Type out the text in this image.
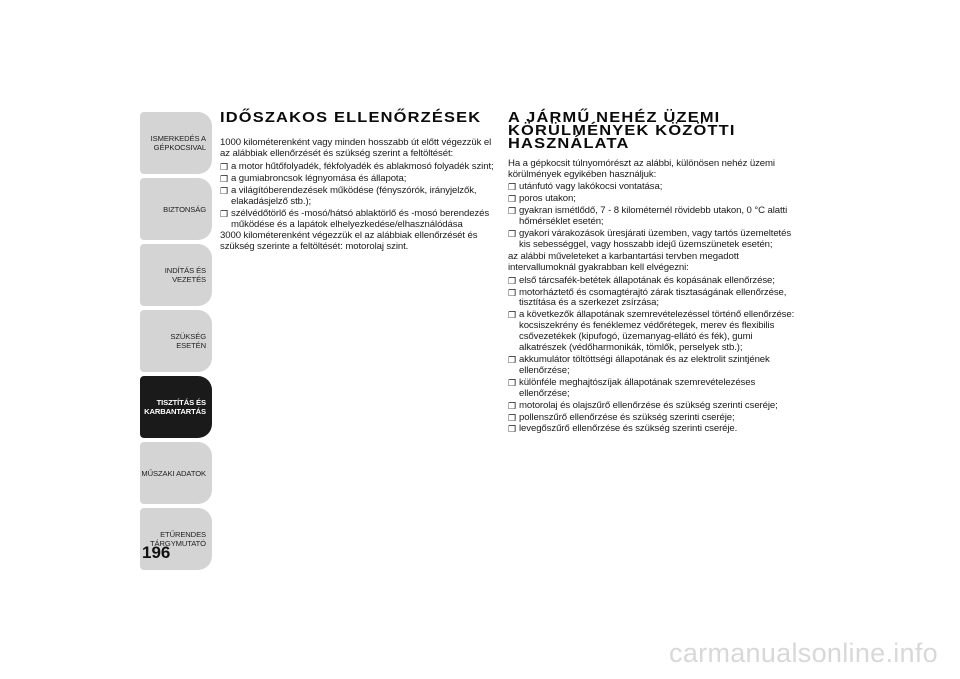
ISMERKEDÉS A
GÉPKOCSIVAL
BIZTONSÁG
INDÍTÁS ÉS VEZETÉS
SZÜKSÉG ESETÉN
TISZTÍTÁS ÉS
KARBANTARTÁS
MŰSZAKI ADATOK
ETŰRENDES
TÁRGYMUTATÓ
196
IDŐSZAKOS ELLENŐRZÉSEK
1000 kilométerenként vagy minden hosszabb út előtt végezzük el az alábbiak ellenőrzését és szükség szerint a feltöltését:
❒ a motor hűtőfolyadék, fékfolyadék és ablakmosó folyadék szint;
❒ a gumiabroncsok légnyomása és állapota;
❒ a világítóberendezések működése (fényszórók, irányjelzők, elakadásjelző stb.);
❒ szélvédőtörlő és -mosó/hátsó ablaktörlő és -mosó berendezés működése és a lapátok elhelyezkedése/elhasználódása
3000 kilométerenként végezzük el az alábbiak ellenőrzését és szükség szerinte a feltöltését: motorolaj szint.
A JÁRMŰ NEHÉZ ÜZEMI KÖRÜLMÉNYEK KÖZÖTTI HASZNÁLATA
Ha a gépkocsit túlnyomórészt az alábbi, különösen nehéz üzemi körülmények egyikében használjuk:
❒ utánfutó vagy lakókocsi vontatása;
❒ poros utakon;
❒ gyakran ismétlődő, 7 - 8 kilométernél rövidebb utakon, 0 °C alatti hőmérséklet esetén;
❒ gyakori várakozások üresjárati üzemben, vagy tartós üzemeltetés kis sebességgel, vagy hosszabb idejű üzemszünetek esetén;
az alábbi műveleteket a karbantartási tervben megadott intervallumoknál gyakrabban kell elvégezni:
❒ első tárcsafék-betétek állapotának és kopásának ellenőrzése;
❒ motorháztető és csomagtérajtó zárak tisztaságának ellenőrzése, tisztítása és a szerkezet zsírzása;
❒ a következők állapotának szemrevételezéssel történő ellenőrzése: kocsiszekrény és fenéklemez védőrétegek, merev és flexibilis csővezetékek (kipufogó, üzemanyag-ellátó és fék), gumi alkatrészek (védőharmonikák, tömlők, perselyek stb.);
❒ akkumulátor töltöttségi állapotának és az elektrolit szintjének ellenőrzése;
❒ különféle meghajtószíjak állapotának szemrevételezéses ellenőrzése;
❒ motorolaj és olajszűrő ellenőrzése és szükség szerinti cseréje;
❒ pollenszűrő ellenőrzése és szükség szerinti cseréje;
❒ levegőszűrő ellenőrzése és szükség szerinti cseréje.
carmanualsonline.info
